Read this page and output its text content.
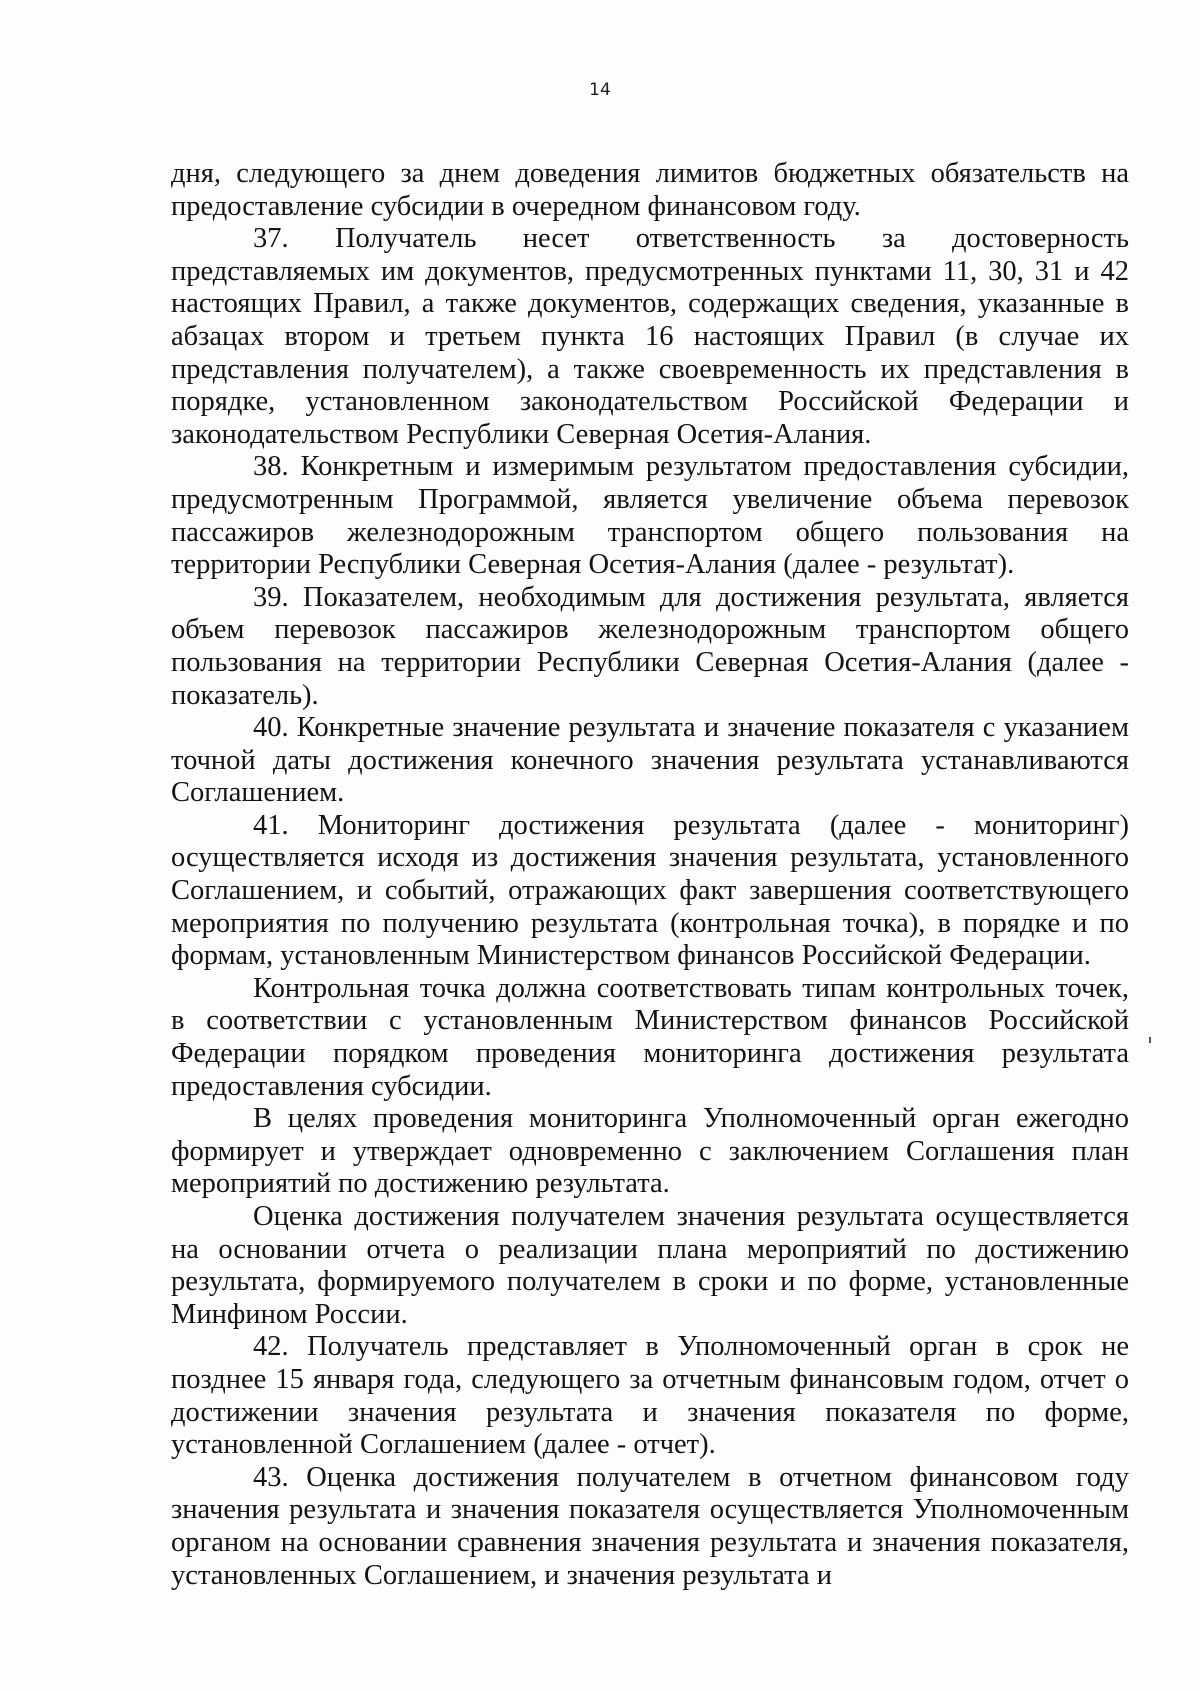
14

дня, следующего за днем доведения лимитов бюджетных обязательств на предоставление субсидии в очередном финансовом году.

37. Получатель несет ответственность за достоверность представляемых им документов, предусмотренных пунктами 11, 30, 31 и 42 настоящих Правил, а также документов, содержащих сведения, указанные в абзацах втором и третьем пункта 16 настоящих Правил (в случае их представления получателем), а также своевременность их представления в порядке, установленном законодательством Российской Федерации и законодательством Республики Северная Осетия-Алания.

38. Конкретным и измеримым результатом предоставления субсидии, предусмотренным Программой, является увеличение объема перевозок пассажиров железнодорожным транспортом общего пользования на территории Республики Северная Осетия-Алания (далее - результат).

39. Показателем, необходимым для достижения результата, является объем перевозок пассажиров железнодорожным транспортом общего пользования на территории Республики Северная Осетия-Алания (далее - показатель).

40. Конкретные значение результата и значение показателя с указанием точной даты достижения конечного значения результата устанавливаются Соглашением.

41. Мониторинг достижения результата (далее - мониторинг) осуществляется исходя из достижения значения результата, установленного Соглашением, и событий, отражающих факт завершения соответствующего мероприятия по получению результата (контрольная точка), в порядке и по формам, установленным Министерством финансов Российской Федерации.

Контрольная точка должна соответствовать типам контрольных точек, в соответствии с установленным Министерством финансов Российской Федерации порядком проведения мониторинга достижения результата предоставления субсидии.

В целях проведения мониторинга Уполномоченный орган ежегодно формирует и утверждает одновременно с заключением Соглашения план мероприятий по достижению результата.

Оценка достижения получателем значения результата осуществляется на основании отчета о реализации плана мероприятий по достижению результата, формируемого получателем в сроки и по форме, установленные Минфином России.

42. Получатель представляет в Уполномоченный орган в срок не позднее 15 января года, следующего за отчетным финансовым годом, отчет о достижении значения результата и значения показателя по форме, установленной Соглашением (далее - отчет).

43. Оценка достижения получателем в отчетном финансовом году значения результата и значения показателя осуществляется Уполномоченным органом на основании сравнения значения результата и значения показателя, установленных Соглашением, и значения результата и
